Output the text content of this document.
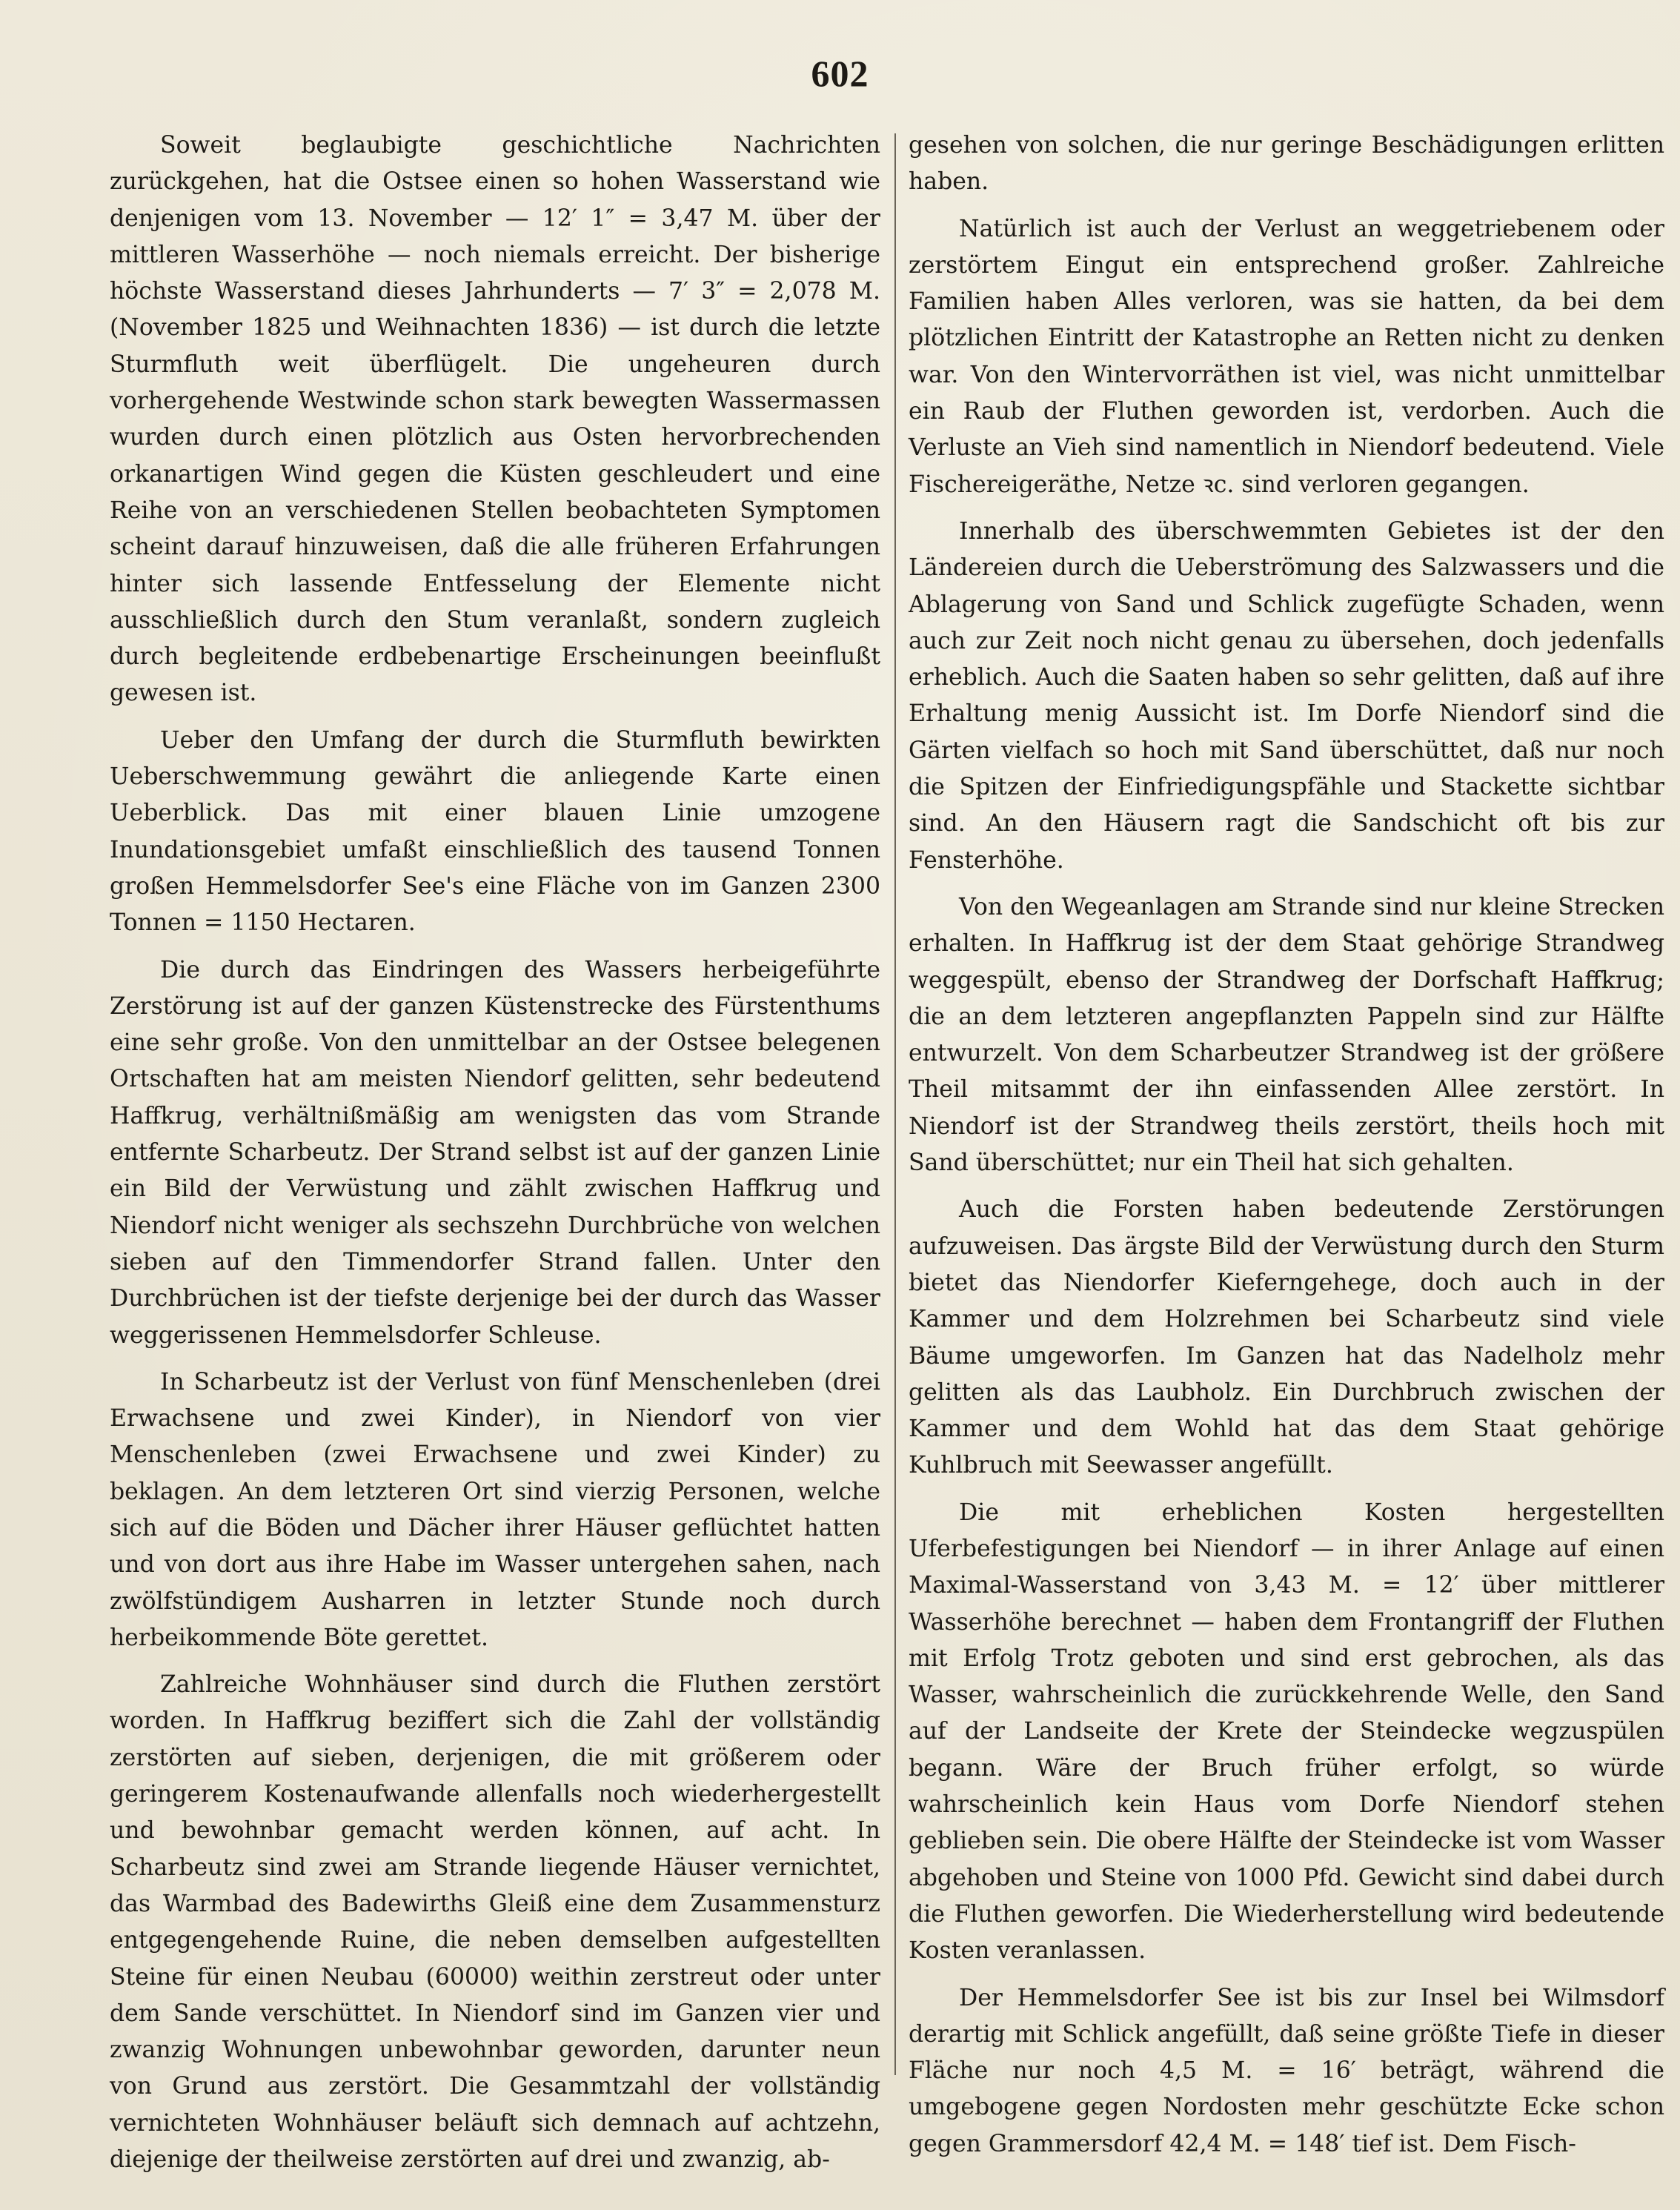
602

Soweit beglaubigte geschichtliche Nachrichten zurückgehen, hat die Ostsee einen so hohen Wasserstand wie denjenigen vom 13. November — 12′ 1″ = 3,47 M. über der mittleren Wasserhöhe — noch niemals erreicht. Der bisherige höchste Wasserstand dieses Jahrhunderts — 7′ 3″ = 2,078 M. (November 1825 und Weihnachten 1836) — ist durch die letzte Sturmfluth weit überflügelt. Die ungeheuren durch vorhergehende Westwinde schon stark bewegten Wassermassen wurden durch einen plötzlich aus Osten hervorbrechenden orkanartigen Wind gegen die Küsten geschleudert und eine Reihe von an verschiedenen Stellen beobachteten Symptomen scheint darauf hinzuweisen, daß die alle früheren Erfahrungen hinter sich lassende Entfesselung der Elemente nicht ausschließlich durch den Stum veranlaßt, sondern zugleich durch begleitende erdbebenartige Erscheinungen beeinflußt gewesen ist.

Ueber den Umfang der durch die Sturmfluth bewirkten Ueberschwemmung gewährt die anliegende Karte einen Ueberblick. Das mit einer blauen Linie umzogene Inundationsgebiet umfaßt einschließlich des tausend Tonnen großen Hemmelsdorfer See's eine Fläche von im Ganzen 2300 Tonnen = 1150 Hectaren.

Die durch das Eindringen des Wassers herbeigeführte Zerstörung ist auf der ganzen Küstenstrecke des Fürstenthums eine sehr große. Von den unmittelbar an der Ostsee belegenen Ortschaften hat am meisten Niendorf gelitten, sehr bedeutend Haffkrug, verhältnißmäßig am wenigsten das vom Strande entfernte Scharbeutz. Der Strand selbst ist auf der ganzen Linie ein Bild der Verwüstung und zählt zwischen Haffkrug und Niendorf nicht weniger als sechszehn Durchbrüche von welchen sieben auf den Timmendorfer Strand fallen. Unter den Durchbrüchen ist der tiefste derjenige bei der durch das Wasser weggerissenen Hemmelsdorfer Schleuse.

In Scharbeutz ist der Verlust von fünf Menschenleben (drei Erwachsene und zwei Kinder), in Niendorf von vier Menschenleben (zwei Erwachsene und zwei Kinder) zu beklagen. An dem letzteren Ort sind vierzig Personen, welche sich auf die Böden und Dächer ihrer Häuser geflüchtet hatten und von dort aus ihre Habe im Wasser untergehen sahen, nach zwölfstündigem Ausharren in letzter Stunde noch durch herbeikommende Böte gerettet.

Zahlreiche Wohnhäuser sind durch die Fluthen zerstört worden. In Haffkrug beziffert sich die Zahl der vollständig zerstörten auf sieben, derjenigen, die mit größerem oder geringerem Kostenaufwande allenfalls noch wiederhergestellt und bewohnbar gemacht werden können, auf acht. In Scharbeutz sind zwei am Strande liegende Häuser vernichtet, das Warmbad des Badewirths Gleiß eine dem Zusammensturz entgegengehende Ruine, die neben demselben aufgestellten Steine für einen Neubau (60000) weithin zerstreut oder unter dem Sande verschüttet. In Niendorf sind im Ganzen vier und zwanzig Wohnungen unbewohnbar geworden, darunter neun von Grund aus zerstört. Die Gesammtzahl der vollständig vernichteten Wohnhäuser beläuft sich demnach auf achtzehn, diejenige der theilweise zerstörten auf drei und zwanzig, ab-

gesehen von solchen, die nur geringe Beschädigungen erlitten haben.

Natürlich ist auch der Verlust an weggetriebenem oder zerstörtem Eingut ein entsprechend großer. Zahlreiche Familien haben Alles verloren, was sie hatten, da bei dem plötzlichen Eintritt der Katastrophe an Retten nicht zu denken war. Von den Wintervorräthen ist viel, was nicht unmittelbar ein Raub der Fluthen geworden ist, verdorben. Auch die Verluste an Vieh sind namentlich in Niendorf bedeutend. Viele Fischereigeräthe, Netze ꝛc. sind verloren gegangen.

Innerhalb des überschwemmten Gebietes ist der den Ländereien durch die Ueberströmung des Salzwassers und die Ablagerung von Sand und Schlick zugefügte Schaden, wenn auch zur Zeit noch nicht genau zu übersehen, doch jedenfalls erheblich. Auch die Saaten haben so sehr gelitten, daß auf ihre Erhaltung menig Aussicht ist. Im Dorfe Niendorf sind die Gärten vielfach so hoch mit Sand überschüttet, daß nur noch die Spitzen der Einfriedigungspfähle und Stackette sichtbar sind. An den Häusern ragt die Sandschicht oft bis zur Fensterhöhe.

Von den Wegeanlagen am Strande sind nur kleine Strecken erhalten. In Haffkrug ist der dem Staat gehörige Strandweg weggespült, ebenso der Strandweg der Dorfschaft Haffkrug; die an dem letzteren angepflanzten Pappeln sind zur Hälfte entwurzelt. Von dem Scharbeutzer Strandweg ist der größere Theil mitsammt der ihn einfassenden Allee zerstört. In Niendorf ist der Strandweg theils zerstört, theils hoch mit Sand überschüttet; nur ein Theil hat sich gehalten.

Auch die Forsten haben bedeutende Zerstörungen aufzuweisen. Das ärgste Bild der Verwüstung durch den Sturm bietet das Niendorfer Kieferngehege, doch auch in der Kammer und dem Holzrehmen bei Scharbeutz sind viele Bäume umgeworfen. Im Ganzen hat das Nadelholz mehr gelitten als das Laubholz. Ein Durchbruch zwischen der Kammer und dem Wohld hat das dem Staat gehörige Kuhlbruch mit Seewasser angefüllt.

Die mit erheblichen Kosten hergestellten Uferbefestigungen bei Niendorf — in ihrer Anlage auf einen Maximal-Wasserstand von 3,43 M. = 12′ über mittlerer Wasserhöhe berechnet — haben dem Frontangriff der Fluthen mit Erfolg Trotz geboten und sind erst gebrochen, als das Wasser, wahrscheinlich die zurückkehrende Welle, den Sand auf der Landseite der Krete der Steindecke wegzuspülen begann. Wäre der Bruch früher erfolgt, so würde wahrscheinlich kein Haus vom Dorfe Niendorf stehen geblieben sein. Die obere Hälfte der Steindecke ist vom Wasser abgehoben und Steine von 1000 Pfd. Gewicht sind dabei durch die Fluthen geworfen. Die Wiederherstellung wird bedeutende Kosten veranlassen.

Der Hemmelsdorfer See ist bis zur Insel bei Wilmsdorf derartig mit Schlick angefüllt, daß seine größte Tiefe in dieser Fläche nur noch 4,5 M. = 16′ beträgt, während die umgebogene gegen Nordosten mehr geschützte Ecke schon gegen Grammersdorf 42,4 M. = 148′ tief ist. Dem Fisch-
